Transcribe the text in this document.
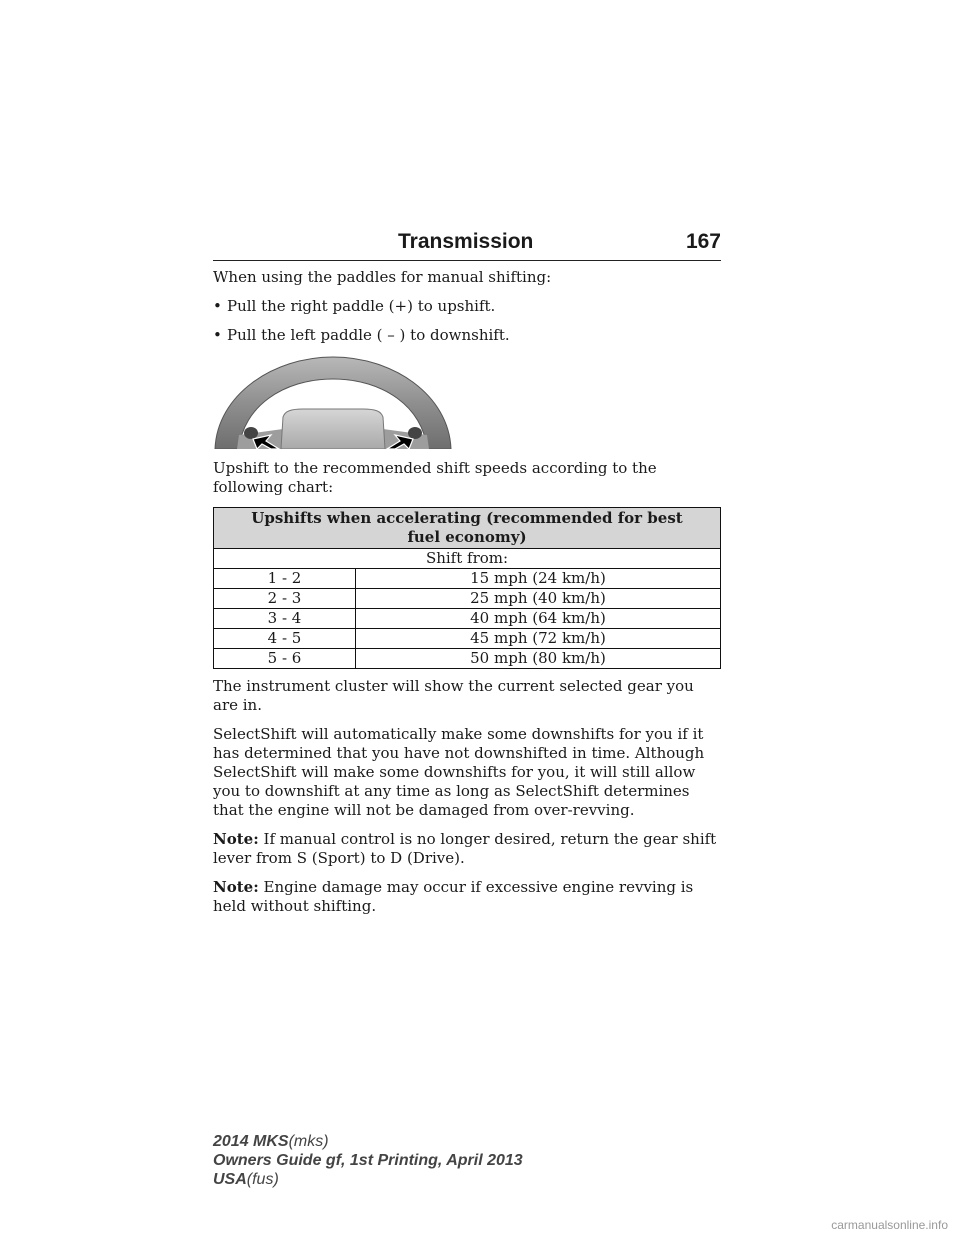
Transmission	167

When using the paddles for manual shifting:

• Pull the right paddle (+) to upshift.
• Pull the left paddle ( – ) to downshift.

Upshift to the recommended shift speeds according to the following chart:

Upshifts when accelerating (recommended for best fuel economy)	
Shift from:	
1 - 2	15 mph (24 km/h)
2 - 3	25 mph (40 km/h)
3 - 4	40 mph (64 km/h)
4 - 5	45 mph (72 km/h)
5 - 6	50 mph (80 km/h)

The instrument cluster will show the current selected gear you are in.

SelectShift will automatically make some downshifts for you if it has determined that you have not downshifted in time. Although SelectShift will make some downshifts for you, it will still allow you to downshift at any time as long as SelectShift determines that the engine will not be damaged from over-revving.

Note: If manual control is no longer desired, return the gear shift lever from S (Sport) to D (Drive).

Note: Engine damage may occur if excessive engine revving is held without shifting.

2014 MKS(mks)
Owners Guide gf, 1st Printing, April 2013
USA(fus)
carmanualsonline.info
